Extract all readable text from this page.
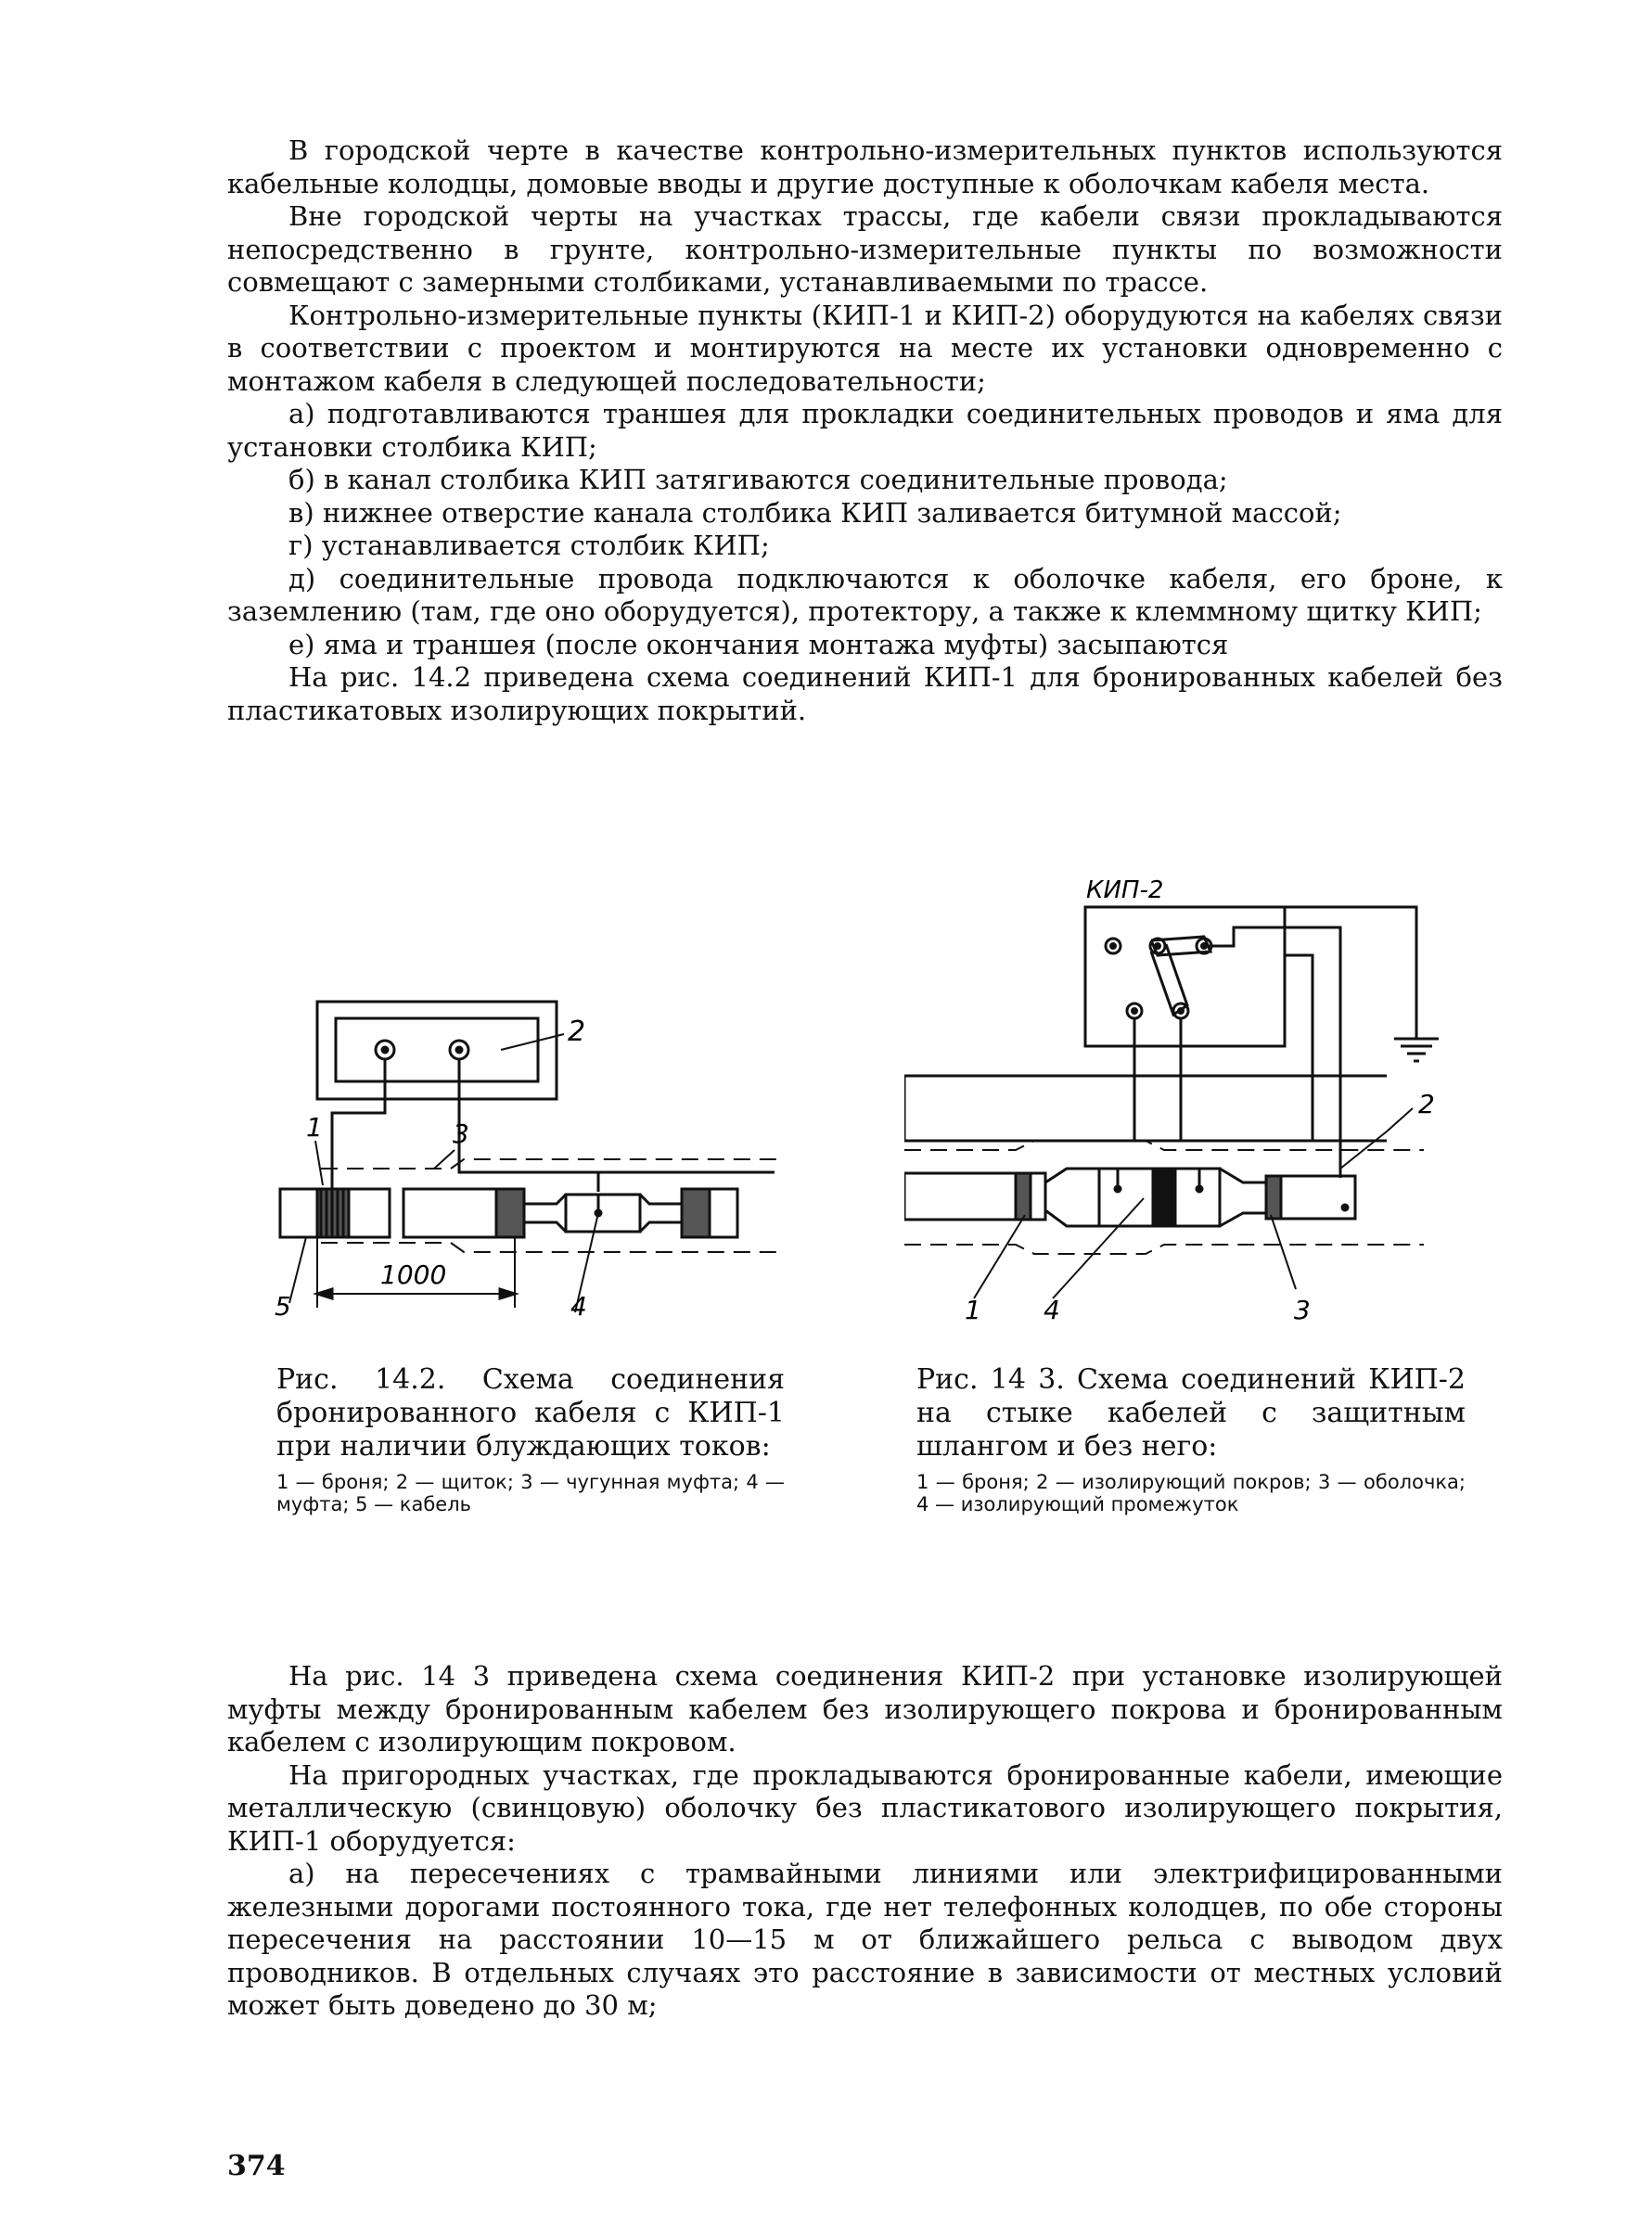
В городской черте в качестве контрольно-измерительных пунктов используются кабельные колодцы, домовые вводы и другие доступные к оболочкам кабеля места.

Вне городской черты на участках трассы, где кабели связи прокладываются непосредственно в грунте, контрольно-измерительные пункты по возможности совмещают с замерными столбиками, устанавливаемыми по трассе.

Контрольно-измерительные пункты (КИП-1 и КИП-2) оборудуются на кабелях связи в соответствии с проектом и монтируются на месте их установки одновременно с монтажом кабеля в следующей последовательности;

а) подготавливаются траншея для прокладки соединительных проводов и яма для установки столбика КИП;

б) в канал столбика КИП затягиваются соединительные провода;

в) нижнее отверстие канала столбика КИП заливается битумной массой;

г) устанавливается столбик КИП;

д) соединительные провода подключаются к оболочке кабеля, его броне, к заземлению (там, где оно оборудуется), протектору, а также к клеммному щитку КИП;

е) яма и траншея (после окончания монтажа муфты) засыпаются

На рис. 14.2 приведена схема соединений КИП-1 для бронированных кабелей без пластикатовых изолирующих покрытий.

2
1	3
1000
5	4
КИП-2
2
1 4	3

Рис. 14.2. Схема соединения бронированного кабеля с КИП-1 при наличии блуждающих токов:

1 — броня; 2 — щиток; 3 — чугунная муфта; 4 — муфта; 5 — кабель

Рис. 14 3. Схема соединений КИП-2 на стыке кабелей с защитным шлангом и без него:

1 — броня; 2 — изолирующий покров; 3 — оболочка; 4 — изолирующий промежуток

На рис. 14 3 приведена схема соединения КИП-2 при установке изолирующей муфты между бронированным кабелем без изолирующего покрова и бронированным кабелем с изолирующим покровом.

На пригородных участках, где прокладываются бронированные кабели, имеющие металлическую (свинцовую) оболочку без пластикатового изолирующего покрытия, КИП-1 оборудуется:

а) на пересечениях с трамвайными линиями или электрифицированными железными дорогами постоянного тока, где нет телефонных колодцев, по обе стороны пересечения на расстоянии 10—15 м от ближайшего рельса с выводом двух проводников. В отдельных случаях это расстояние в зависимости от местных условий может быть доведено до 30 м;

374
